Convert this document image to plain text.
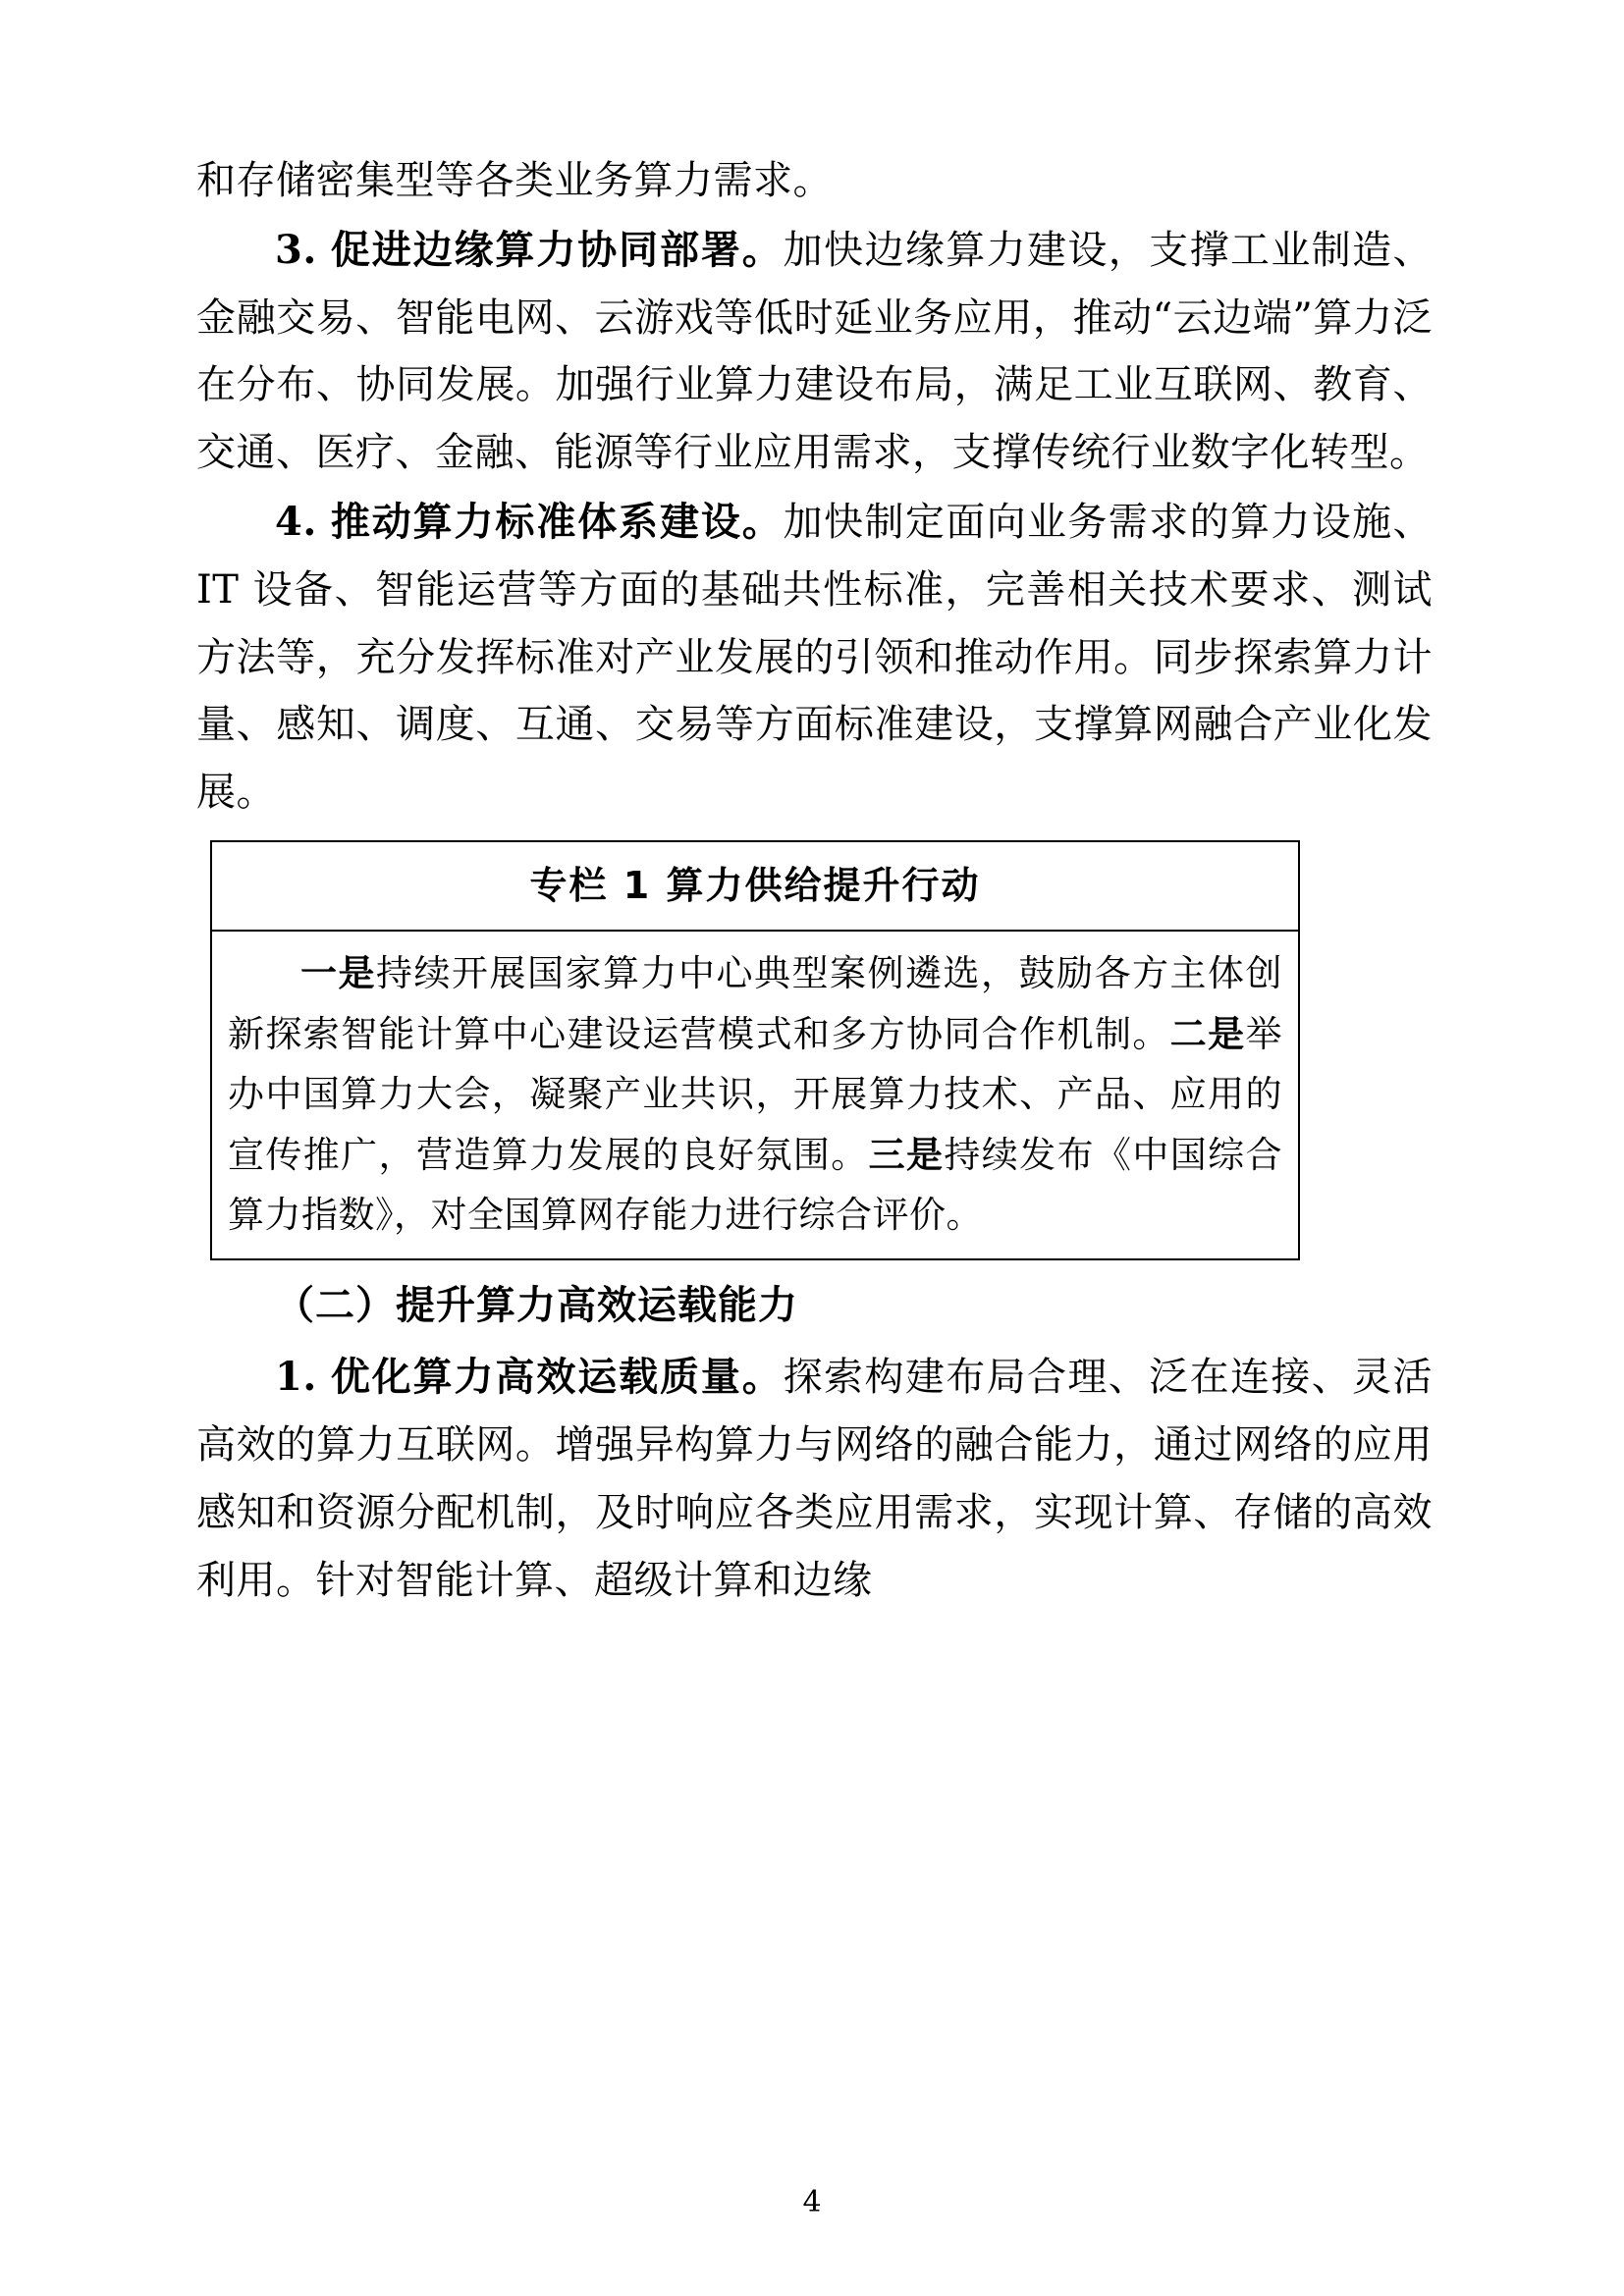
和存储密集型等各类业务算力需求。

3. 促进边缘算力协同部署。加快边缘算力建设，支撑工业制造、金融交易、智能电网、云游戏等低时延业务应用，推动“云边端”算力泛在分布、协同发展。加强行业算力建设布局，满足工业互联网、教育、交通、医疗、金融、能源等行业应用需求，支撑传统行业数字化转型。

4. 推动算力标准体系建设。加快制定面向业务需求的算力设施、IT 设备、智能运营等方面的基础共性标准，完善相关技术要求、测试方法等，充分发挥标准对产业发展的引领和推动作用。同步探索算力计量、感知、调度、互通、交易等方面标准建设，支撑算网融合产业化发展。

专栏 1 算力供给提升行动
一是持续开展国家算力中心典型案例遴选，鼓励各方主体创新探索智能计算中心建设运营模式和多方协同合作机制。二是举办中国算力大会，凝聚产业共识，开展算力技术、产品、应用的宣传推广，营造算力发展的良好氛围。三是持续发布《中国综合算力指数》，对全国算网存能力进行综合评价。
（二）提升算力高效运载能力

1. 优化算力高效运载质量。探索构建布局合理、泛在连接、灵活高效的算力互联网。增强异构算力与网络的融合能力，通过网络的应用感知和资源分配机制，及时响应各类应用需求，实现计算、存储的高效利用。针对智能计算、超级计算和边缘

4
